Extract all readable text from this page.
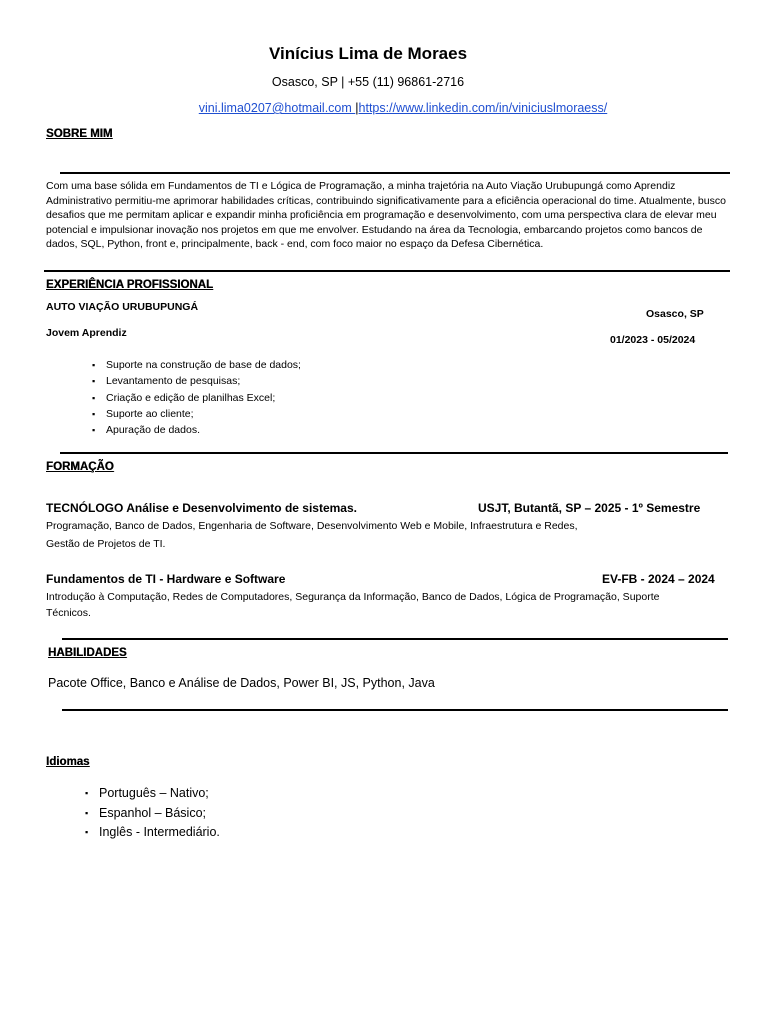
Vinícius Lima de Moraes
Osasco, SP | +55 (11) 96861-2716
vini.lima0207@hotmail.com |https://www.linkedin.com/in/viniciuslmoraess/
SOBRE MIM
Com uma base sólida em Fundamentos de TI e Lógica de Programação, a minha trajetória na Auto Viação Urubupungá como Aprendiz Administrativo permitiu-me aprimorar habilidades críticas, contribuindo significativamente para a eficiência operacional do time. Atualmente, busco desafios que me permitam aplicar e expandir minha proficiência em programação e desenvolvimento, com uma perspectiva clara de elevar meu potencial e impulsionar inovação nos projetos em que me envolver. Estudando na área da Tecnologia, embarcando projetos como bancos de dados, SQL, Python, front e, principalmente, back - end, com foco maior no espaço da Defesa Cibernética.
EXPERIÊNCIA PROFISSIONAL
AUTO VIAÇÃO URUBUPUNGÁ
Osasco, SP
Jovem Aprendiz
01/2023 - 05/2024
▪ Suporte na construção de base de dados;
▪ Levantamento de pesquisas;
▪ Criação e edição de planilhas Excel;
▪ Suporte ao cliente;
▪ Apuração de dados.
FORMAÇÃO
TECNÓLOGO Análise e Desenvolvimento de sistemas.	USJT, Butantã, SP – 2025 - 1º Semestre
Programação, Banco de Dados, Engenharia de Software, Desenvolvimento Web e Mobile, Infraestrutura e Redes,
Gestão de Projetos de TI.
Fundamentos de TI - Hardware e Software	EV-FB - 2024 – 2024
Introdução à Computação, Redes de Computadores, Segurança da Informação, Banco de Dados, Lógica de Programação, Suporte
Técnicos.
HABILIDADES
Pacote Office, Banco e Análise de Dados, Power BI, JS, Python, Java
Idiomas
▪ Português – Nativo;
▪ Espanhol – Básico;
▪ Inglês - Intermediário.
